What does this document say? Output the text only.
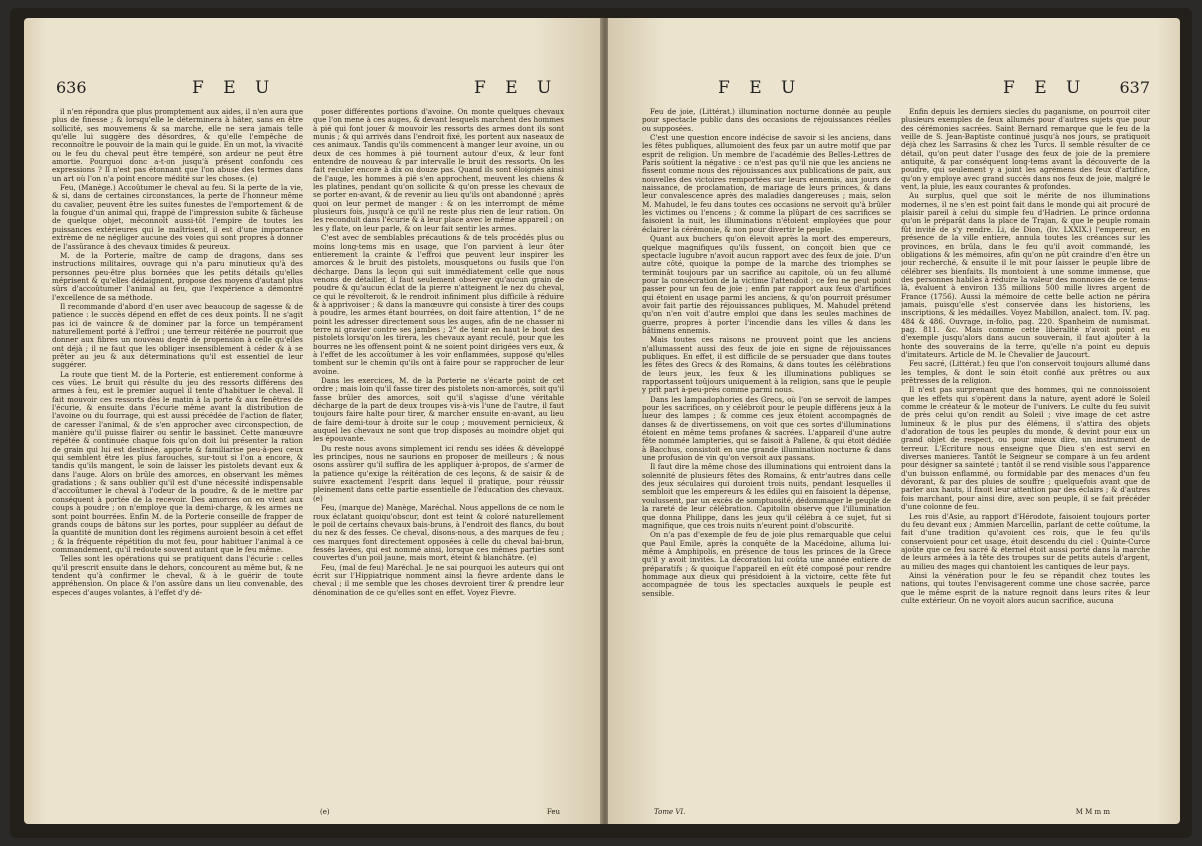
636	F E U	F E U

il n'en répondra que plus promptement aux aides, il n'en aura que plus de finesse ; & lorsqu'elle le déterminera à hâter, sans en être sollicité, ses mouvemens & sa marche, elle ne sera jamais telle qu'elle lui suggère des désordres, & qu'elle l'empêche de reconnoître le pouvoir de la main qui le guide. En un mot, la vivacité ou le feu du cheval peut être tempéré, son ardeur ne peut être amortie. Pourquoi donc a-t-on jusqu'à présent confondu ces expressions ? Il n'est pas étonnant que l'on abuse des termes dans un art où l'on n'a point encore médité sur les choses. (e)

Feu, (Manège.) Accoûtumer le cheval au feu. Si la perte de la vie, & si, dans de certaines circonstances, la perte de l'honneur même du cavalier, peuvent être les suites funestes de l'emportement & de la fougue d'un animal qui, frappé de l'impression subite & fâcheuse de quelque objet, méconnoît aussi-tôt l'empire de toutes les puissances extérieures qui le maîtrisent, il est d'une importance extrème de ne négliger aucune des voies qui sont propres à donner de l'assûrance à des chevaux timides & peureux.

M. de la Porterie, maître de camp de dragons, dans ses instructions militaires, ouvrage qui n'a paru minutieux qu'à des personnes peu-être plus bornées que les petits détails qu'elles méprisent & qu'elles dédaignent, propose des moyens d'autant plus sûrs d'accoûtumer l'animal au feu, que l'expérience a démontré l'excellence de sa méthode.

Il recommande d'abord d'en user avec beaucoup de sagesse & de patience : le succès dépend en effet de ces deux points. Il ne s'agit pas ici de vaincre & de dominer par la force un tempérament naturellement porté à l'effroi ; une terreur réitérée ne pourroit que donner aux fibres un nouveau degré de propension à celle qu'elles ont déjà ; il ne faut que les obliger insensiblement à céder & à se prêter au jeu & aux déterminations qu'il est essentiel de leur suggérer.

La route que tient M. de la Porterie, est entierement conforme à ces vûes. Le bruit qui résulte du jeu des ressorts différens des armes à feu, est le premier auquel il tente d'habituer le cheval. Il fait mouvoir ces ressorts dès le matin à la porte & aux fenêtres de l'écurie, & ensuite dans l'écurie même avant la distribution de l'avoine ou du fourrage, qui est aussi précédée de l'action de flater, de caresser l'animal, & de s'en approcher avec circonspection, de manière qu'il puisse flairer ou sentir le bassinet. Cette manœuvre répétée & continuée chaque fois qu'on doit lui présenter la ration de grain qui lui est destinée, apporte & familiarise peu-à-peu ceux qui semblent être les plus farouches, sur-tout si l'on a encore, & tandis qu'ils mangent, le soin de laisser les pistolets devant eux & dans l'auge. Alors on brûle des amorces, en observant les mêmes gradations ; & sans oublier qu'il est d'une nécessité indispensable d'accoûtumer le cheval à l'odeur de la poudre, & de le mettre par conséquent à portée de la recevoir. Des amorces on en vient aux coups à poudre ; on n'employe que la demi-charge, & les armes ne sont point bourrées. Enfin M. de la Porterie conseille de frapper de grands coups de bâtons sur les portes, pour suppléer au défaut de la quantité de munition dont les régimens auroient besoin à cet effet ; & la fréquente répétition du mot feu, pour habituer l'animal à ce commandement, qu'il redoute souvent autant que le feu même.

Telles sont les opérations qui se pratiquent dans l'écurie : celles qu'il prescrit ensuite dans le dehors, concourent au même but, & ne tendent qu'à confirmer le cheval, & à le guérir de toute appréhension. On place & l'on assûre dans un lieu convenable, des especes d'auges volantes, à l'effet d'y dé-

poser différentes portions d'avoine. On monte quelques chevaux que l'on mene à ces auges, & devant lesquels marchent des hommes à pié qui font jouer & mouvoir les ressorts des armes dont ils sont munis ; & qui arrivés dans l'endroit fixé, les portent aux naseaux de ces animaux. Tandis qu'ils commencent à manger leur avoine, un ou deux de ces hommes à pié tournent autour d'eux, & leur font entendre de nouveau & par intervalle le bruit des ressorts. On les fait reculer encore à dix ou douze pas. Quand ils sont éloignés ainsi de l'auge, les hommes à pié s'en approchent, meuvent les chiens & les platines, pendant qu'on sollicite & qu'on presse les chevaux de se porter en-avant, & de revenir au lieu qu'ils ont abandonné ; après quoi on leur permet de manger : & on les interrompt de même plusieurs fois, jusqu'à ce qu'il ne reste plus rien de leur ration. On les reconduit dans l'écurie & à leur place avec le même appareil ; on les y flate, on leur parle, & on leur fait sentir les armes.

C'est avec de semblables précautions & de tels procédés plus ou moins long-tems mis en usage, que l'on parvient à leur ôter entierement la crainte & l'effroi que peuvent leur inspirer les amorces & le bruit des pistolets, mousquetons ou fusils que l'on décharge. Dans la leçon qui suit immédiatement celle que nous venons de détailler, il faut seulement observer qu'aucun grain de poudre & qu'aucun éclat de la pierre n'atteignent le nez du cheval, ce qui le révolteroit, & le rendroit infiniment plus difficile à réduire & à apprivoiser ; & dans la manœuvre qui consiste à tirer des coups à poudre, les armes étant bourrées, on doit faire attention, 1° de ne point les adresser directement sous les auges, afin de ne chasser ni terre ni gravier contre ses jambes ; 2° de tenir en haut le bout des pistolets lorsqu'on les tirera, les chevaux ayant reculé, pour que les bourres ne les offensent point & ne soient point dirigées vers eux, & à l'effet de les accoûtumer à les voir enflammées, supposé qu'elles tombent sur le chemin qu'ils ont à faire pour se rapprocher de leur avoine.

Dans les exercices, M. de la Porterie ne s'écarte point de cet ordre ; mais loin qu'il fasse tirer des pistolets non-amorcés, soit qu'il fasse brûler des amorces, soit qu'il s'agisse d'une véritable décharge de la part de deux troupes vis-à-vis l'une de l'autre, il faut toujours faire halte pour tirer, & marcher ensuite en-avant, au lieu de faire demi-tour à droite sur le coup ; mouvement pernicieux, & auquel les chevaux ne sont que trop disposés au moindre objet qui les épouvante.

Du reste nous avons simplement ici rendu ses idées & développé les principes, nous ne saurions en proposer de meilleurs ; & nous osons assûrer qu'il suffira de les appliquer à-propos, de s'armer de la patience qu'exige la réitération de ces leçons, & de saisir & de suivre exactement l'esprit dans lequel il pratique, pour réussir pleinement dans cette partie essentielle de l'éducation des chevaux. (e)

Feu, (marque de) Manège, Maréchal. Nous appellons de ce nom le roux éclatant quoiqu'obscur, dont est teint & coloré naturellement le poil de certains chevaux bais-bruns, à l'endroit des flancs, du bout du nez & des fesses. Ce cheval, disons-nous, a des marques de feu ; ces marques font directement opposées à celle du cheval bai-brun, fessés lavées, qui est nommé ainsi, lorsque ces mêmes parties sont couvertes d'un poil jaune, mais mort, éteint & blanchâtre. (e)

Feu, (mal de feu) Maréchal. Je ne sai pourquoi les auteurs qui ont écrit sur l'Hippiatrique nomment ainsi la fievre ardente dans le cheval ; il me semble que les choses devroient tirer & prendre leur dénomination de ce qu'elles sont en effet. Voyez Fievre.

(e)	Feu
F E U	F E U 637

Feu de joie, (Littérat.) illumination nocturne donnée au peuple pour spectacle public dans des occasions de réjouissances réelles ou supposées.

C'est une question encore indécise de savoir si les anciens, dans les fêtes publiques, allumoient des feux par un autre motif que par esprit de religion. Un membre de l'académie des Belles-Lettres de Paris soûtient la négative : ce n'est pas qu'il nie que les anciens ne fissent comme nous des réjouissances aux publications de paix, aux nouvelles des victoires remportées sur leurs ennemis, aux jours de naissance, de proclamation, de mariage de leurs princes, & dans leur convalescence après des maladies dangereuses ; mais, selon M. Mahudel, le feu dans toutes ces occasions ne servoit qu'à brûler les victimes ou l'encens ; & comme la plûpart de ces sacrifices se faisoient la nuit, les illuminations n'étoient employées que pour éclairer la cérémonie, & non pour divertir le peuple.

Quant aux buchers qu'on élevoit après la mort des empereurs, quelque magnifiques qu'ils fussent, on conçoit bien que ce spectacle lugubre n'avoit aucun rapport avec des feux de joie. D'un autre côté, quoique la pompe de la marche des triomphes se terminât toujours par un sacrifice au capitole, où un feu allumé pour la consécration de la victime l'attendoit ; ce feu ne peut point passer pour un feu de joie ; enfin par rapport aux feux d'artifices qui étoient en usage parmi les anciens, & qu'on pourroit présumer avoir fait partie des réjouissances publiques, M. Mahudel prétend qu'on n'en voit d'autre emploi que dans les seules machines de guerre, propres à porter l'incendie dans les villes & dans les bâtimens ennemis.

Mais toutes ces raisons ne prouvent point que les anciens n'allumassent aussi des feux de joie en signe de réjouissances publiques. En effet, il est difficile de se persuader que dans toutes les fêtes des Grecs & des Romains, & dans toutes les célébrations de leurs jeux, les feux & les illuminations publiques se rapportassent toûjours uniquement à la religion, sans que le peuple y prît part à-peu-près comme parmi nous.

Dans les lampadophories des Grecs, où l'on se servoit de lampes pour les sacrifices, on y célébroit pour le peuple différens jeux à la lueur des lampes ; & comme ces jeux étoient accompagnés de danses & de divertissemens, on voit que ces sortes d'illuminations étoient en même tems profanes & sacrées. L'appareil d'une autre fête nommée lampteries, qui se faisoit à Pallene, & qui étoit dédiée à Bacchus, consistoit en une grande illumination nocturne & dans une profusion de vin qu'on versoit aux passans.

Il faut dire la même chose des illuminations qui entroient dans la solennité de plusieurs fêtes des Romains, & entr'autres dans celle des jeux séculaires qui duroient trois nuits, pendant lesquelles il sembloit que les empereurs & les édiles qui en faisoient la dépense, voulussent, par un excès de somptuosité, dédommager le peuple de la rareté de leur célébration. Capitolin observe que l'illumination que donna Philippe, dans les jeux qu'il célébra à ce sujet, fut si magnifique, que ces trois nuits n'eurent point d'obscurité.

On n'a pas d'exemple de feu de joie plus remarquable que celui que Paul Emile, après la conquête de la Macédoine, alluma lui-même à Amphipolis, en présence de tous les princes de la Grece qu'il y avoit invités. La décoration lui coûta une année entiere de préparatifs ; & quoique l'appareil en eût été composé pour rendre hommage aux dieux qui présidoient à la victoire, cette fête fut accompagnée de tous les spectacles auxquels le peuple est sensible.

Enfin depuis les derniers siecles du paganisme, on pourroit citer plusieurs exemples de feux allumés pour d'autres sujets que pour des cérémonies sacrées. Saint Bernard remarque que le feu de la veille de S. Jean-Baptiste continué jusqu'à nos jours, se pratiquoit déjà chez les Sarrasins & chez les Turcs. Il semble résulter de ce détail, qu'on peut dater l'usage des feux de joie de la premiere antiquité, & par conséquent long-tems avant la découverte de la poudre, qui seulement y a joint les agrémens des feux d'artifice, qu'on y employe avec grand succès dans nos feux de joie, malgré le vent, la pluie, les eaux courantes & profondes.

Au surplus, quel que soit le mérite de nos illuminations modernes, il ne s'en est point fait dans le monde qui ait procuré de plaisir pareil à celui du simple feu d'Hadrien. Le prince ordonna qu'on le préparât dans la place de Trajan, & que le peuple romain fût invité de s'y rendre. Li, de Dion, (liv. LXXIX.) l'empereur, en présence de la ville entiere, annula toutes les créances sur les provinces, en brûla, dans le feu qu'il avoit commandé, les obligations & les mémoires, afin qu'on ne pût craindre d'en être un jour recherché, & ensuite il le mit pour laisser le peuple libre de célébrer ses bienfaits. Ils montoient à une somme immense, que des personnes habiles à réduire la valeur des monnoies de ce tems-là, évaluent à environ 135 millions 500 mille livres argent de France (1756). Aussi la mémoire de cette belle action ne périra jamais, puisqu'elle s'est conservée dans les historiens, les inscriptions, & les médailles. Voyez Mabillon, analect. tom. IV. pag. 484 & 486. Ouvrage, in-folio, pag. 220. Spanheim de numismat. pag. 811. &c. Mais comme cette libéralité n'avoit point eu d'exemple jusqu'alors dans aucun souverain, il faut ajoûter à la honte des souverains de la terre, qu'elle n'a point eu depuis d'imitateurs. Article de M. le Chevalier de Jaucourt.

Feu sacré, (Littérat.) feu que l'on conservoit toujours allumé dans les temples, & dont le soin étoit confié aux prêtres ou aux prêtresses de la religion.

Il n'est pas surprenant que des hommes, qui ne connoissoient que les effets qui s'opèrent dans la nature, ayent adoré le Soleil comme le créateur & le moteur de l'univers. Le culte du feu suivit de près celui qu'on rendit au Soleil ; vive image de cet astre lumineux & le plus pur des élémens, il s'attira des objets d'adoration de tous les peuples du monde, & devint pour eux un grand objet de respect, ou pour mieux dire, un instrument de terreur. L'Ecriture nous enseigne que Dieu s'en est servi en diverses manieres. Tantôt le Seigneur se compare à un feu ardent pour désigner sa sainteté ; tantôt il se rend visible sous l'apparence d'un buisson enflammé, ou formidable par des menaces d'un feu dévorant, & par des pluies de souffre ; quelquefois avant que de parler aux hauts, il fixoit leur attention par des éclairs ; & d'autres fois marchant, pour ainsi dire, avec son peuple, il se fait précéder d'une colonne de feu.

Les rois d'Asie, au rapport d'Hérodote, faisoient toujours porter du feu devant eux ; Ammien Marcellin, parlant de cette coûtume, la fait d'une tradition qu'avoient ces rois, que le feu qu'ils conservoient pour cet usage, étoit descendu du ciel : Quinte-Curce ajoûte que ce feu sacré & éternel étoit aussi porté dans la marche de leurs armées à la tête des troupes sur de petits autels d'argent, au milieu des mages qui chantoient les cantiques de leur pays.

Ainsi la vénération pour le feu se répandit chez toutes les nations, qui toutes l'envisagerent comme une chose sacrée, parce que le même esprit de la nature regnoit dans leurs rites & leur culte extérieur. On ne voyoit alors aucun sacrifice, aucuna

Tome VI.	M M m m
